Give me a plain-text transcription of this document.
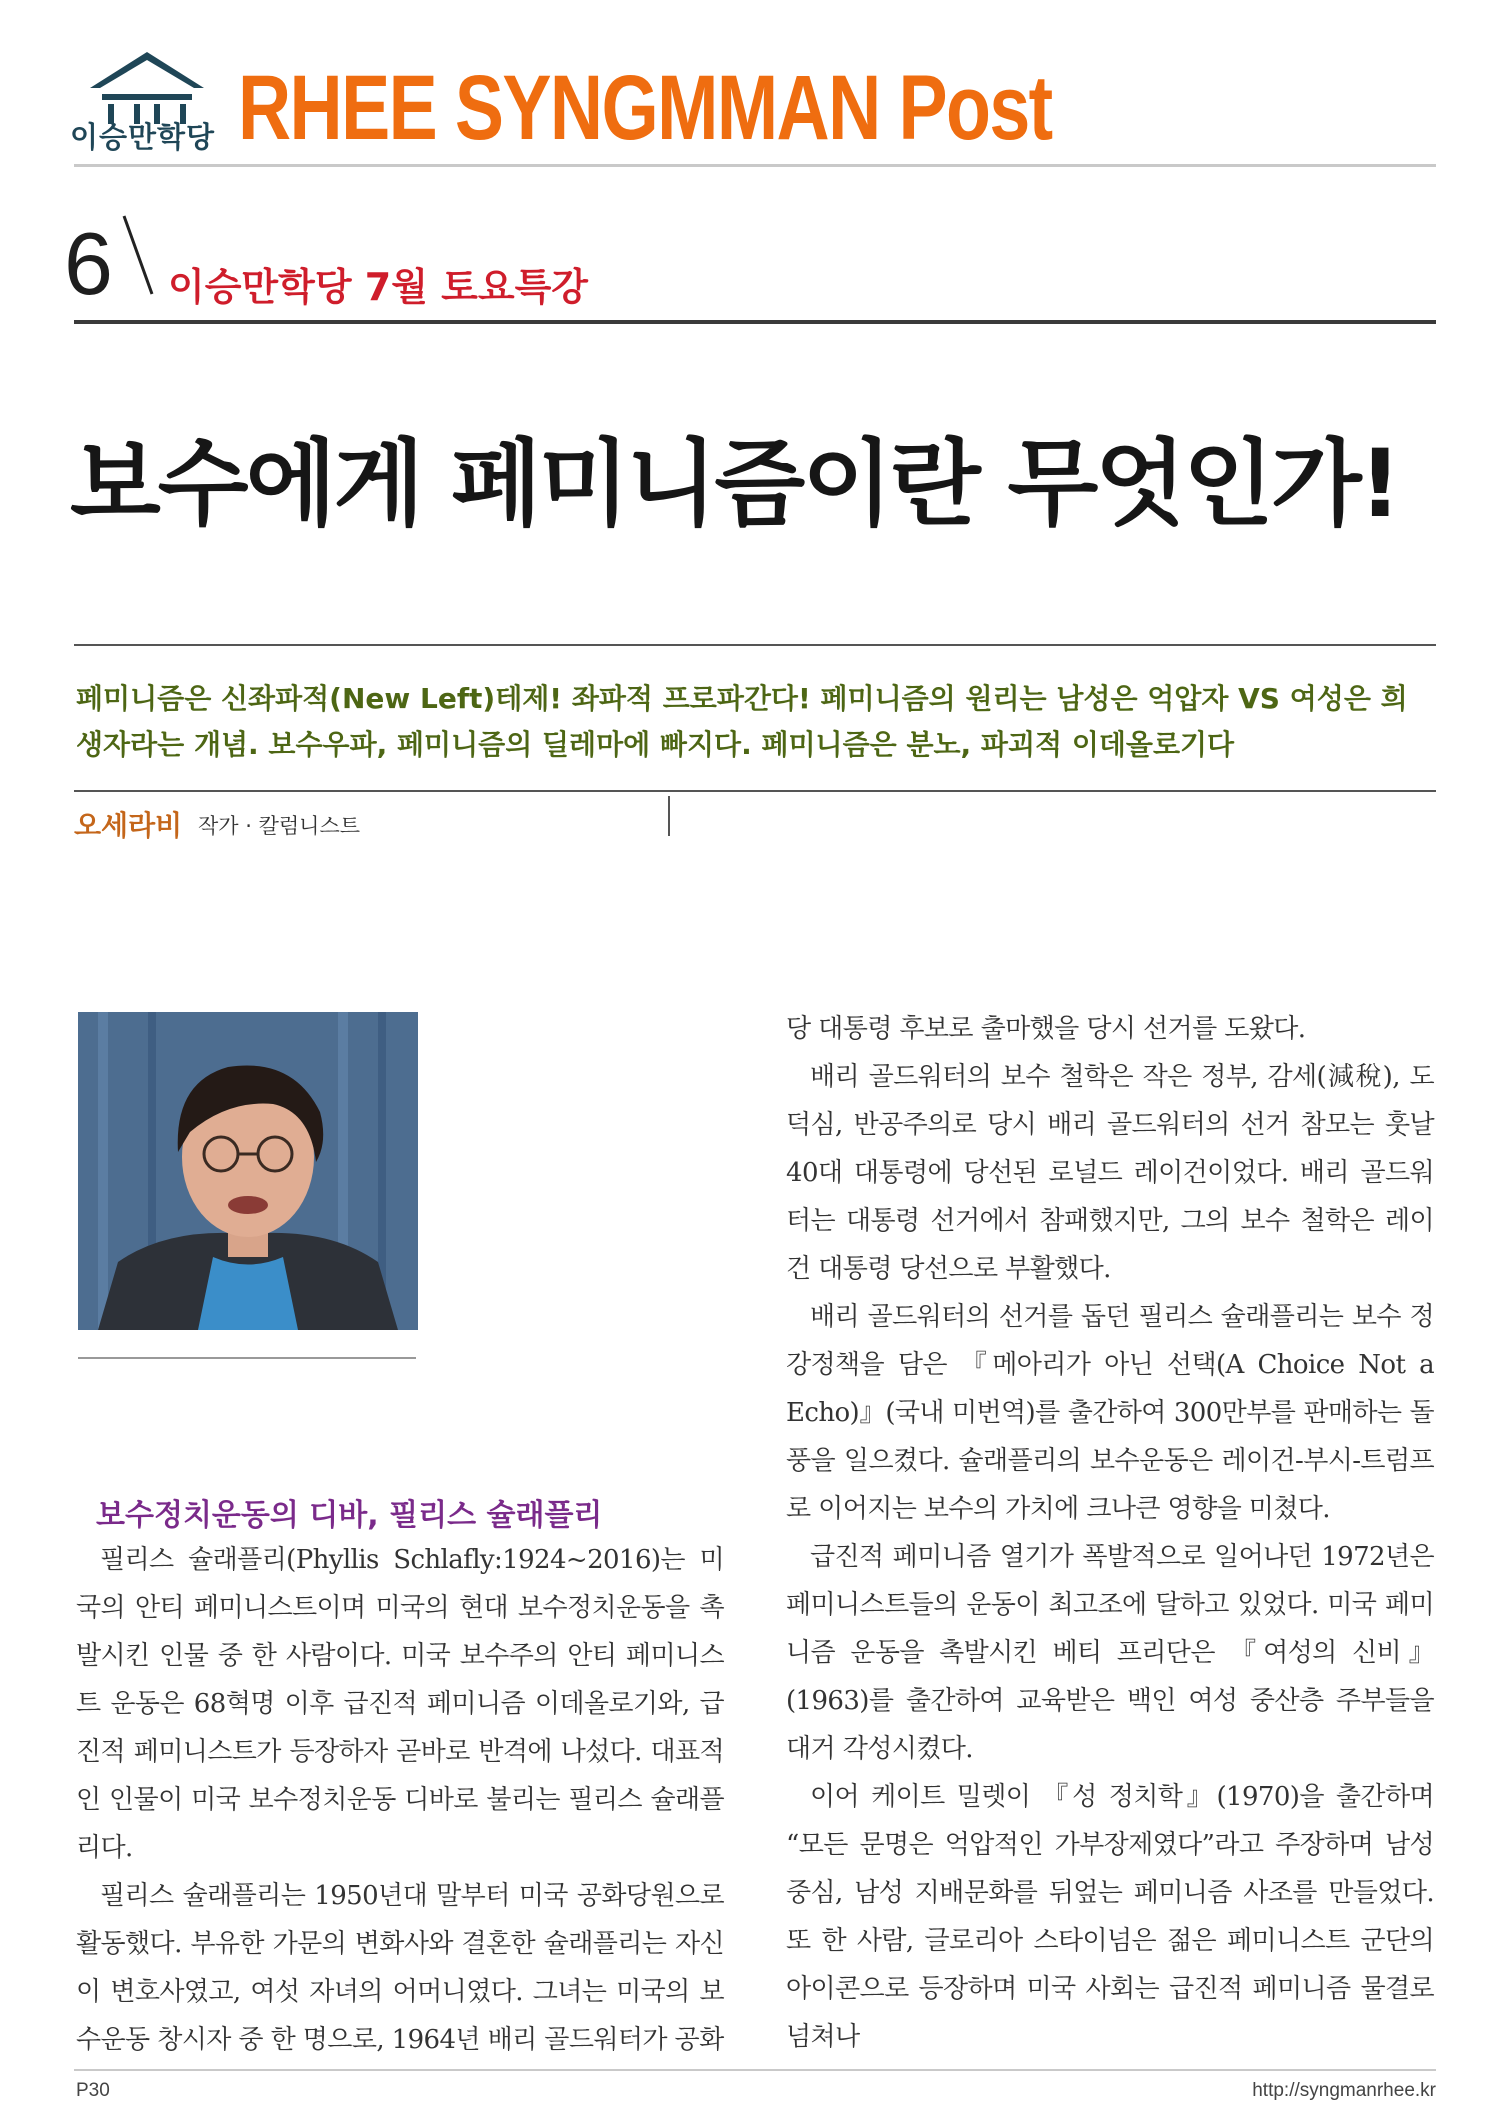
이승만학당 RHEE SYNGMMAN Post
6 이승만학당 7월 토요특강
보수에게 페미니즘이란 무엇인가!
페미니즘은 신좌파적(New Left)테제! 좌파적 프로파간다! 페미니즘의 원리는 남성은 억압자 VS 여성은 희생자라는 개념. 보수우파, 페미니즘의 딜레마에 빠지다. 페미니즘은 분노, 파괴적 이데올로기다
오세라비 작가 · 칼럼니스트
보수정치운동의 디바, 필리스 슐래플리

필리스 슐래플리(Phyllis Schlafly:1924~2016)는 미국의 안티 페미니스트이며 미국의 현대 보수정치운동을 촉발시킨 인물 중 한 사람이다. 미국 보수주의 안티 페미니스트 운동은 68혁명 이후 급진적 페미니즘 이데올로기와, 급진적 페미니스트가 등장하자 곧바로 반격에 나섰다. 대표적인 인물이 미국 보수정치운동 디바로 불리는 필리스 슐래플리다.

필리스 슐래플리는 1950년대 말부터 미국 공화당원으로 활동했다. 부유한 가문의 변화사와 결혼한 슐래플리는 자신이 변호사였고, 여섯 자녀의 어머니였다. 그녀는 미국의 보수운동 창시자 중 한 명으로, 1964년 배리 골드워터가 공화

당 대통령 후보로 출마했을 당시 선거를 도왔다.

배리 골드워터의 보수 철학은 작은 정부, 감세(減稅), 도덕심, 반공주의로 당시 배리 골드워터의 선거 참모는 훗날 40대 대통령에 당선된 로널드 레이건이었다. 배리 골드워터는 대통령 선거에서 참패했지만, 그의 보수 철학은 레이건 대통령 당선으로 부활했다.

배리 골드워터의 선거를 돕던 필리스 슐래플리는 보수 정강정책을 담은 『메아리가 아닌 선택(A Choice Not a Echo)』(국내 미번역)를 출간하여 300만부를 판매하는 돌풍을 일으켰다. 슐래플리의 보수운동은 레이건-부시-트럼프로 이어지는 보수의 가치에 크나큰 영향을 미쳤다.

급진적 페미니즘 열기가 폭발적으로 일어나던 1972년은 페미니스트들의 운동이 최고조에 달하고 있었다. 미국 페미니즘 운동을 촉발시킨 베티 프리단은 『여성의 신비』(1963)를 출간하여 교육받은 백인 여성 중산층 주부들을 대거 각성시켰다.

이어 케이트 밀렛이 『성 정치학』(1970)을 출간하며 “모든 문명은 억압적인 가부장제였다”라고 주장하며 남성 중심, 남성 지배문화를 뒤엎는 페미니즘 사조를 만들었다. 또 한 사람, 글로리아 스타이넘은 젊은 페미니스트 군단의 아이콘으로 등장하며 미국 사회는 급진적 페미니즘 물결로 넘쳐나

P30	http://syngmanrhee.kr
